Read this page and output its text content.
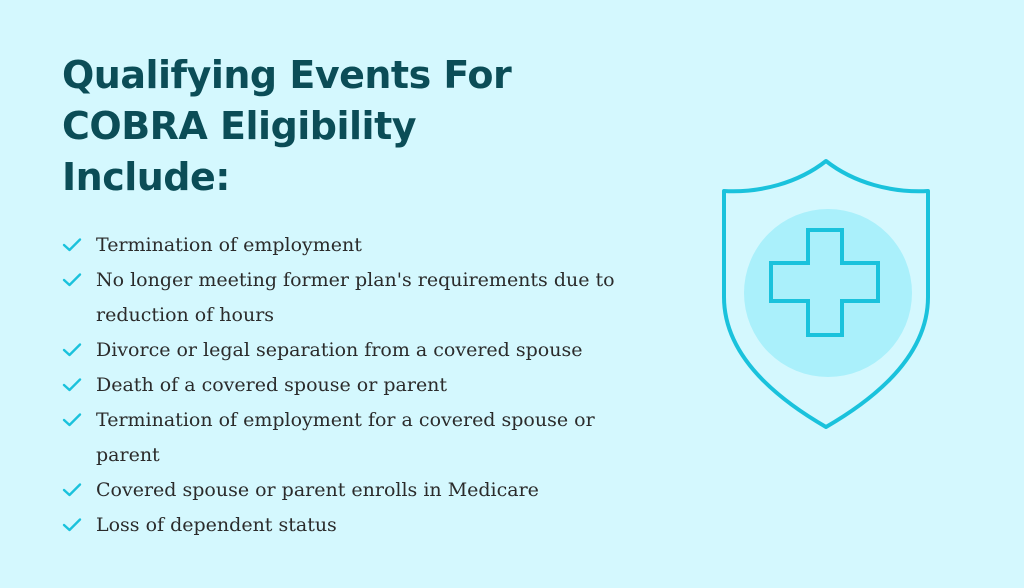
Qualifying Events For
COBRA Eligibility
Include:
Termination of employment
No longer meeting former plan's requirements due to reduction of hours
Divorce or legal separation from a covered spouse
Death of a covered spouse or parent
Termination of employment for a covered spouse or parent
Covered spouse or parent enrolls in Medicare
Loss of dependent status
